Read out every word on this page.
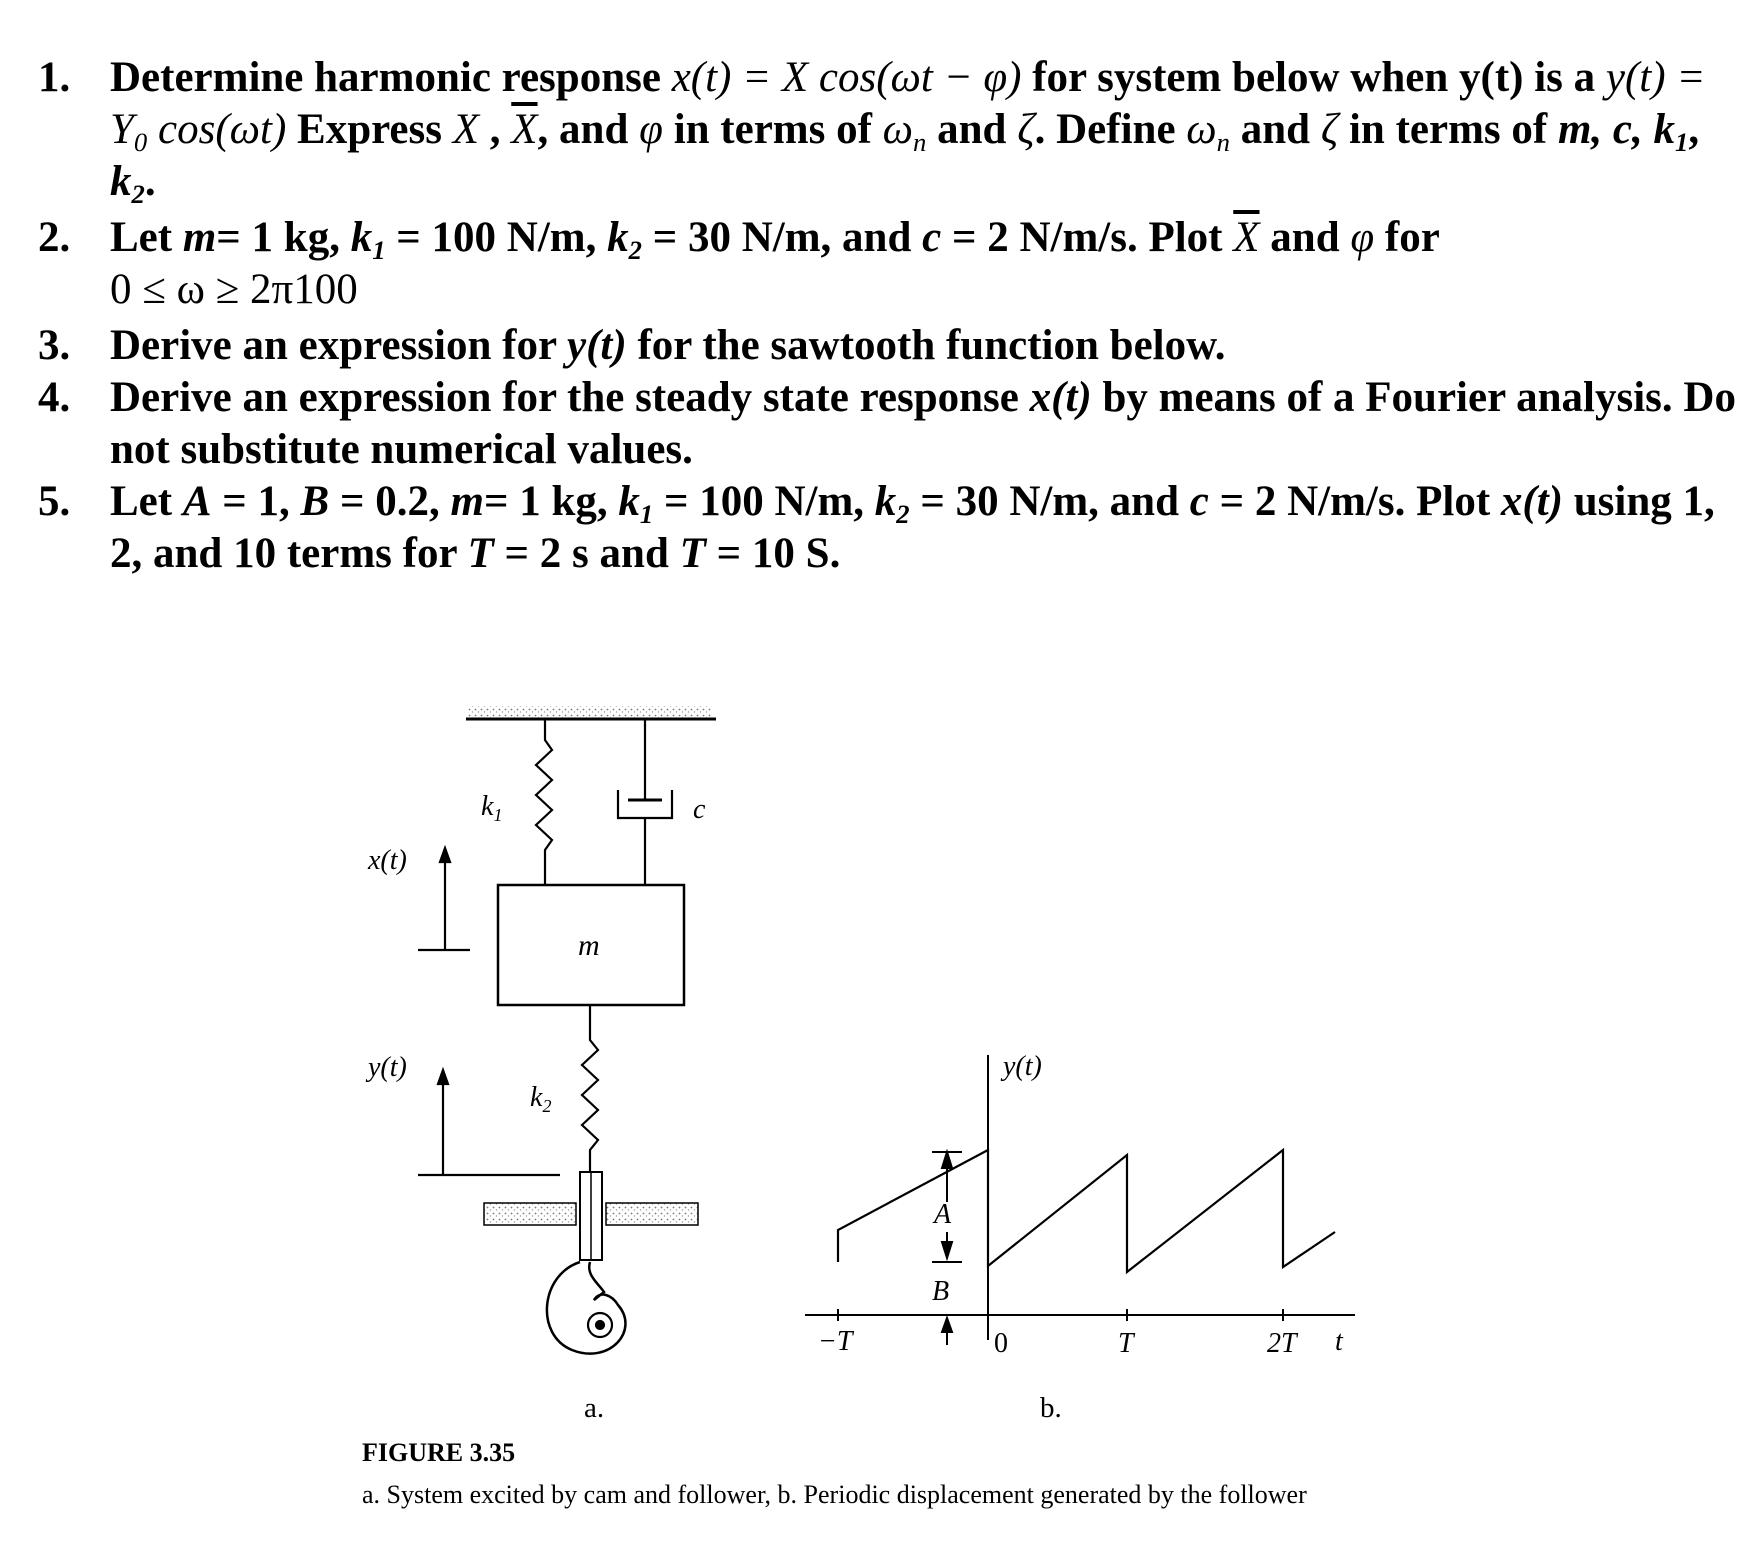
1. Determine harmonic response x(t) = X cos(ωt − φ) for system below when y(t) is a $y(t) = Y_0$ cos(ωt) Express X , $\overline{X}$, and φ in terms of $\omega_n$ and ζ. Define $\omega_n$ and ζ in terms of m, c, $k_1$, $k_2$.
2. Let m= 1 kg, $k_1 = 100$ N/m, $k_2 = 30$ N/m, and c = 2 N/m/s. Plot $\overline{X}$ and φ for
0 ≤ ω ≥ 2π100
3. Derive an expression for y(t) for the sawtooth function below.
4. Derive an expression for the steady state response x(t) by means of a Fourier analysis. Do not substitute numerical values.
5. Let A = 1, B = 0.2, m= 1 kg, $k_1 = 100$ N/m, $k_2 = 30$ N/m, and c = 2 N/m/s. Plot x(t) using 1, 2, and 10 terms for T = 2 s and T = 10 S.
$k_1$	c
x(t)
m
y(t)
$k_2$
y(t)
A
B
−T	0	T	2T t
a.	b.
FIGURE 3.35
a. System excited by cam and follower, b. Periodic displacement generated by the follower
